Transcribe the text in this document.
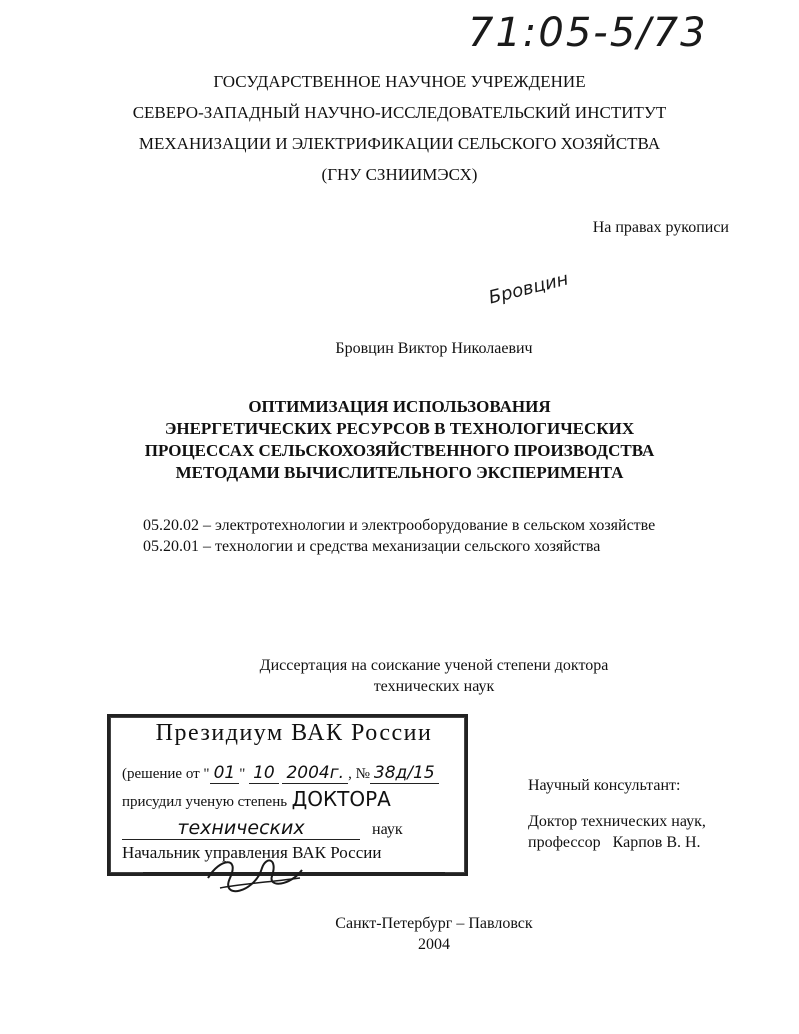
71:05-5/73
ГОСУДАРСТВЕННОЕ НАУЧНОЕ УЧРЕЖДЕНИЕ
СЕВЕРО-ЗАПАДНЫЙ НАУЧНО-ИССЛЕДОВАТЕЛЬСКИЙ ИНСТИТУТ
МЕХАНИЗАЦИИ И ЭЛЕКТРИФИКАЦИИ СЕЛЬСКОГО ХОЗЯЙСТВА
(ГНУ СЗНИИМЭСХ)
На правах рукописи
Бровцин
Бровцин Виктор Николаевич
ОПТИМИЗАЦИЯ ИСПОЛЬЗОВАНИЯ
ЭНЕРГЕТИЧЕСКИХ РЕСУРСОВ В ТЕХНОЛОГИЧЕСКИХ
ПРОЦЕССАХ СЕЛЬСКОХОЗЯЙСТВЕННОГО ПРОИЗВОДСТВА
МЕТОДАМИ ВЫЧИСЛИТЕЛЬНОГО ЭКСПЕРИМЕНТА
05.20.02 – электротехнологии и электрооборудование в сельском хозяйстве
05.20.01 – технологии и средства механизации сельского хозяйства
Диссертация на соискание ученой степени доктора
технических наук
Президиум ВАК России
(решение от " 01 " 10 2004г. , № 38д/15
присудил ученую степень ДОКТОРА
технических	наук
Начальник управления ВАК России
Научный консультант:
Доктор технических наук,
профессор Карпов В. Н.
Санкт-Петербург – Павловск
2004
